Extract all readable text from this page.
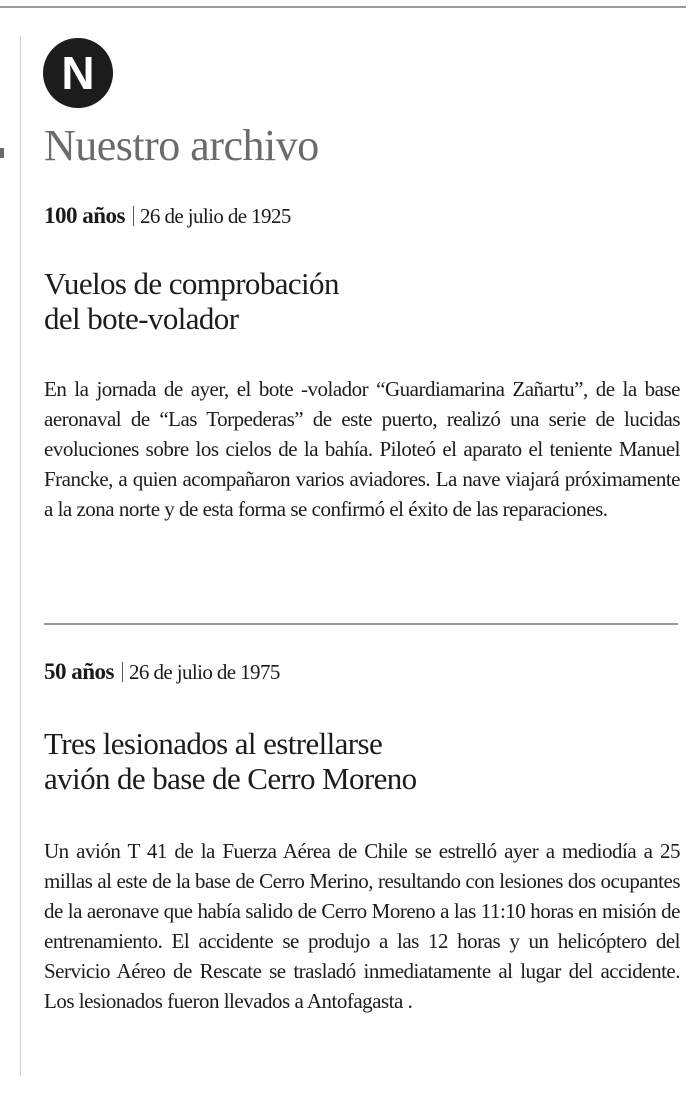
N
Nuestro archivo

100 años 26 de julio de 1925

Vuelos de comprobación
del bote-volador

En la jornada de ayer, el bote -volador “Guardiamarina Zañartu”, de la base aeronaval de “Las Torpederas” de este puerto, realizó una serie de lucidas evoluciones sobre los cielos de la bahía. Piloteó el aparato el teniente Manuel Francke, a quien acompañaron varios aviadores. La nave viajará próximamente a la zona norte y de esta forma se confirmó el éxito de las reparaciones.

50 años 26 de julio de 1975

Tres lesionados al estrellarse
avión de base de Cerro Moreno

Un avión T 41 de la Fuerza Aérea de Chile se estrelló ayer a mediodía a 25 millas al este de la base de Cerro Merino, resultando con lesiones dos ocupantes de la aeronave que había salido de Cerro Moreno a las 11:10 horas en misión de entrenamiento. El accidente se produjo a las 12 horas y un helicóptero del Servicio Aéreo de Rescate se trasladó inmediatamente al lugar del accidente. Los lesionados fueron llevados a Antofagasta .
